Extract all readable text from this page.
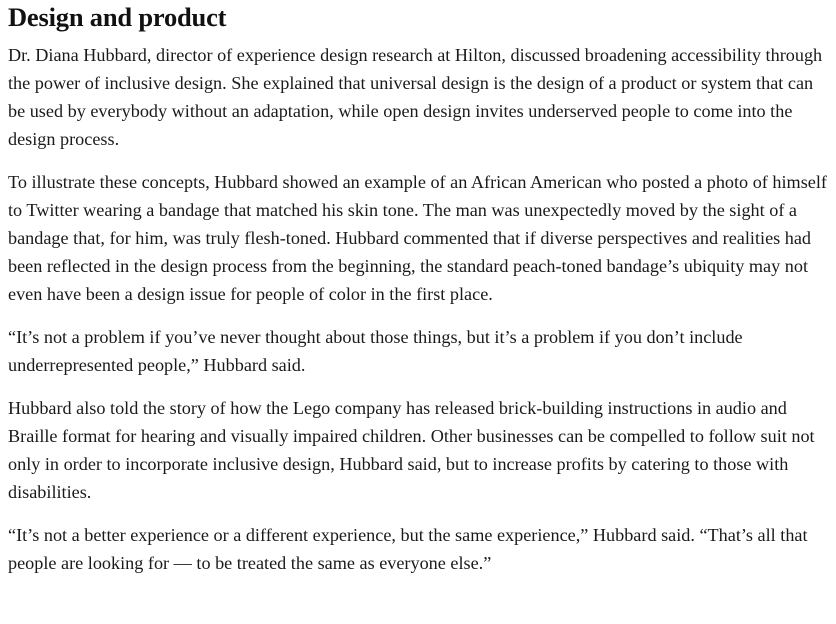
Design and product

Dr. Diana Hubbard, director of experience design research at Hilton, discussed broadening accessibility through the power of inclusive design. She explained that universal design is the design of a product or system that can be used by everybody without an adaptation, while open design invites underserved people to come into the design process.

To illustrate these concepts, Hubbard showed an example of an African American who posted a photo of himself to Twitter wearing a bandage that matched his skin tone. The man was unexpectedly moved by the sight of a bandage that, for him, was truly flesh-toned. Hubbard commented that if diverse perspectives and realities had been reflected in the design process from the beginning, the standard peach-toned bandage’s ubiquity may not even have been a design issue for people of color in the first place.

“It’s not a problem if you’ve never thought about those things, but it’s a problem if you don’t include underrepresented people,” Hubbard said.

Hubbard also told the story of how the Lego company has released brick-building instructions in audio and Braille format for hearing and visually impaired children. Other businesses can be compelled to follow suit not only in order to incorporate inclusive design, Hubbard said, but to increase profits by catering to those with disabilities.

“It’s not a better experience or a different experience, but the same experience,” Hubbard said. “That’s all that people are looking for — to be treated the same as everyone else.”
